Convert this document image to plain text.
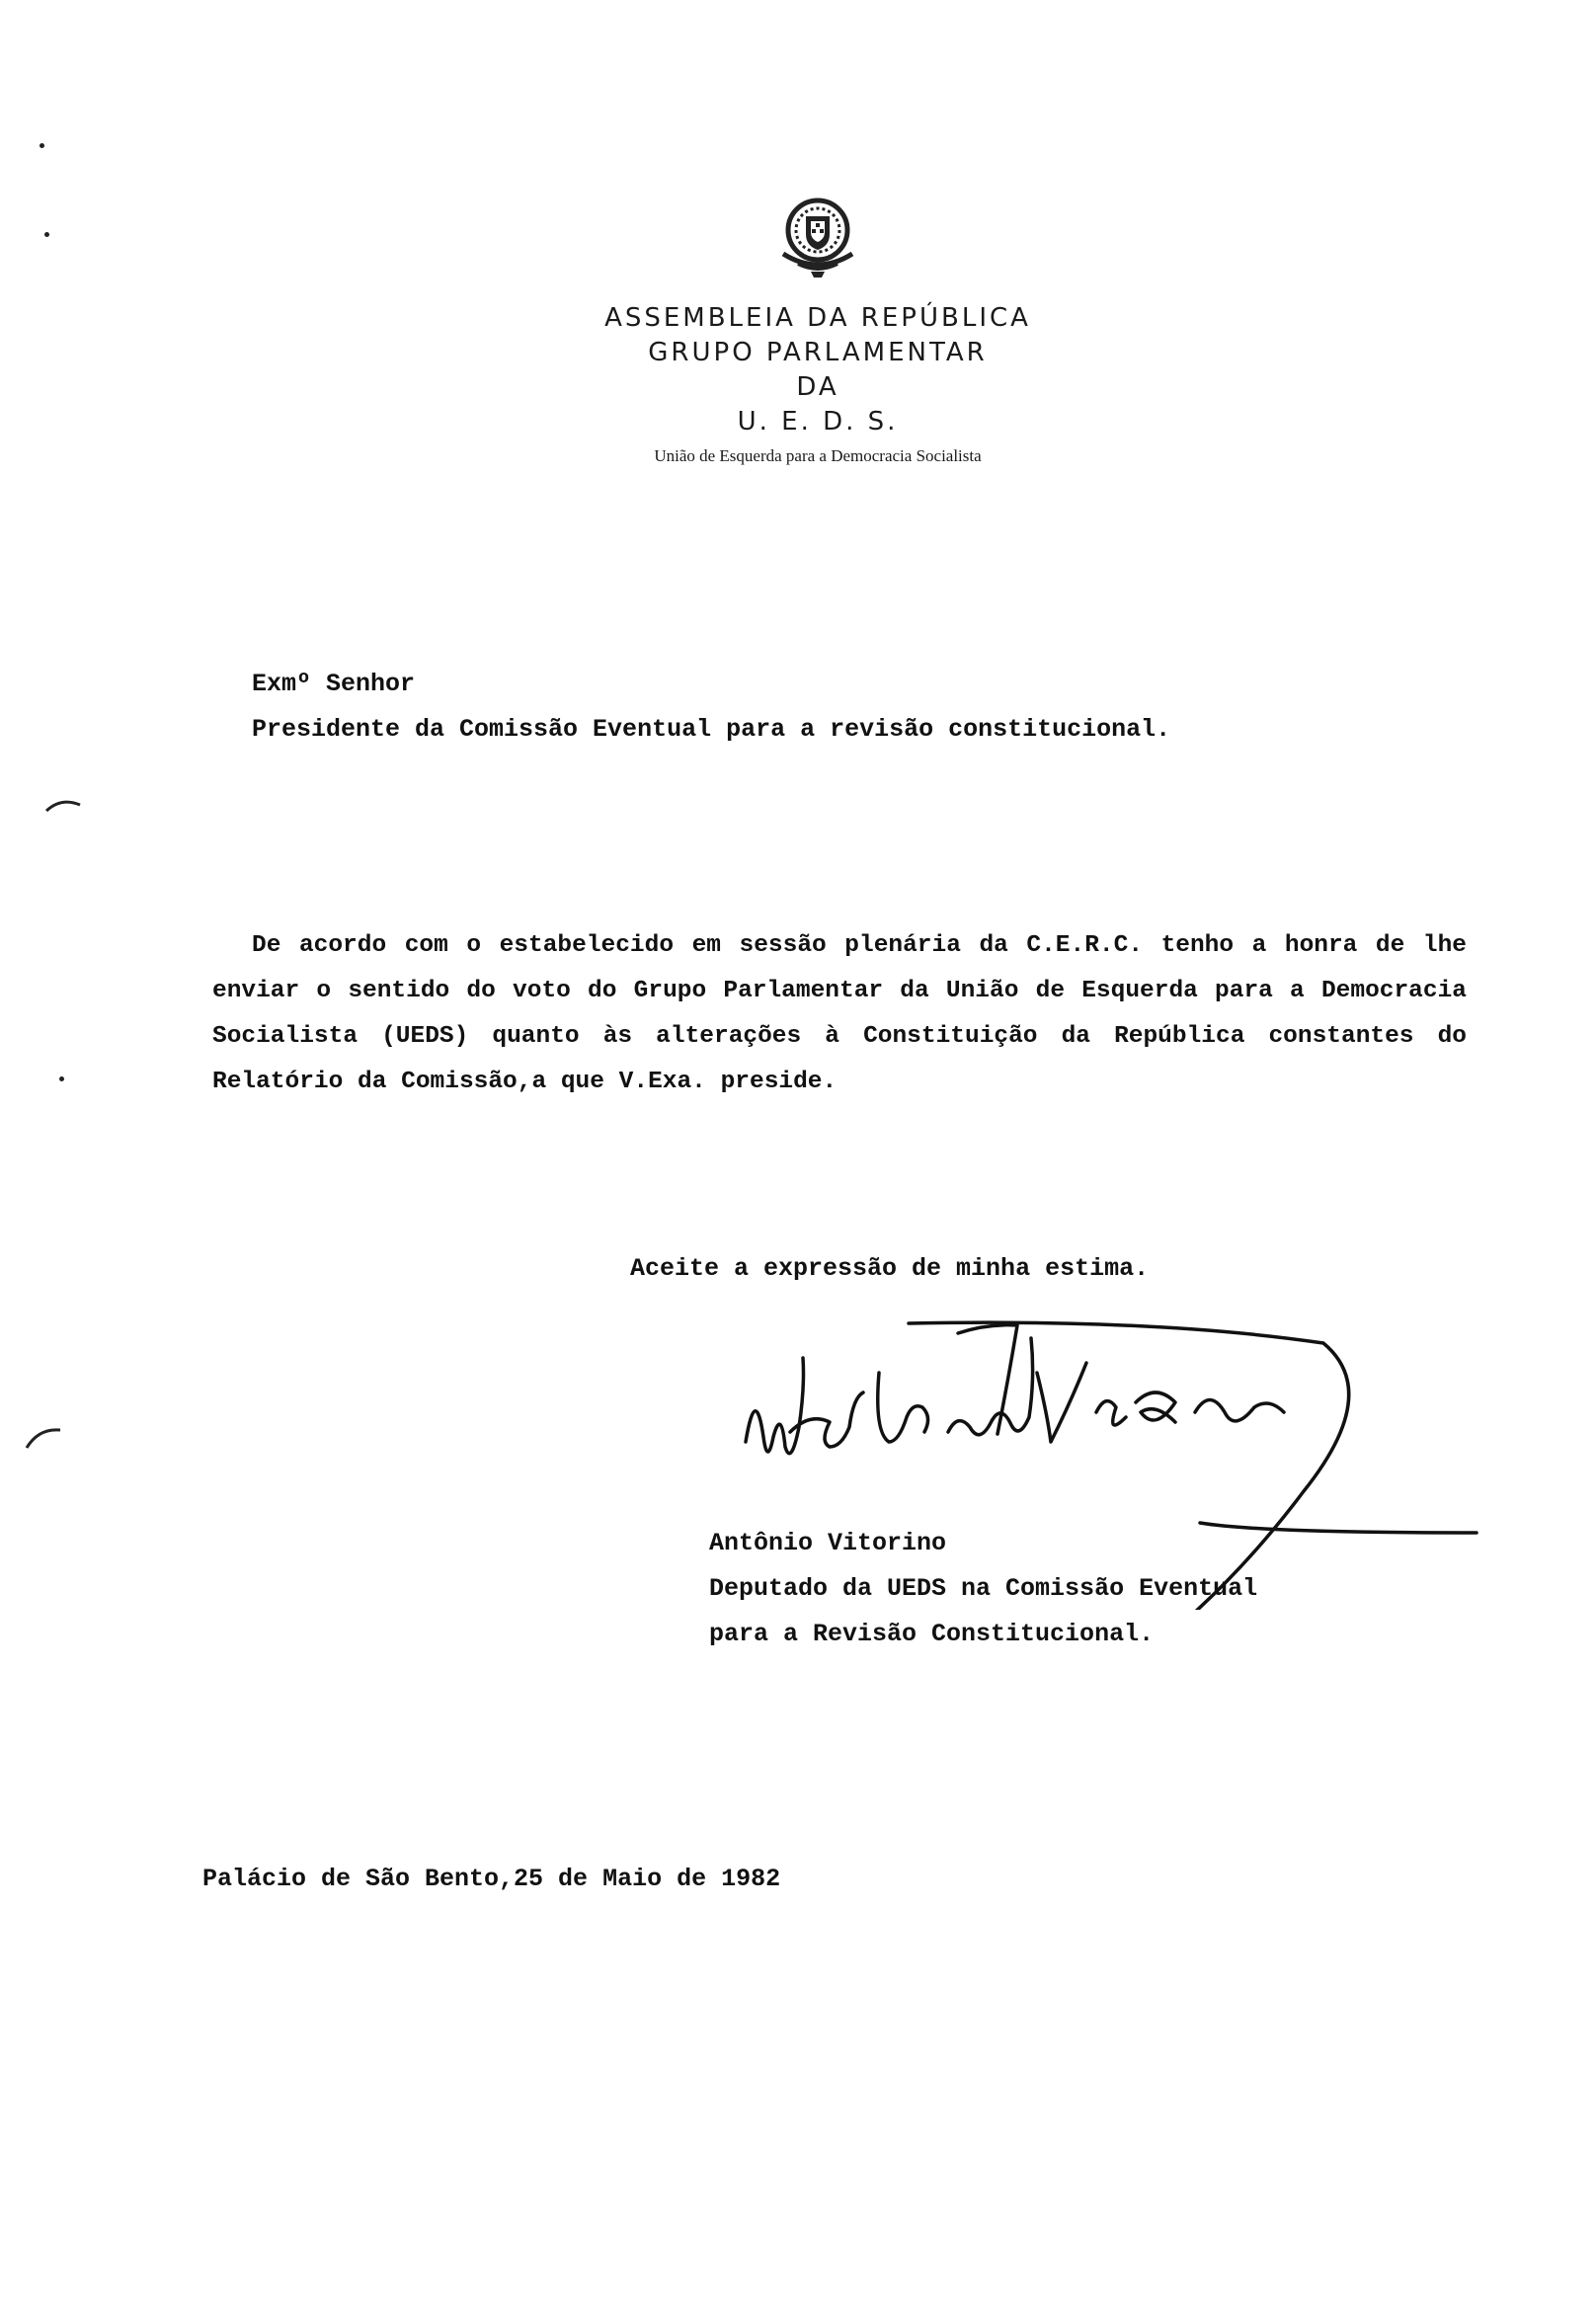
ASSEMBLEIA DA REPÚBLICA
GRUPO PARLAMENTAR
DA
U. E. D. S.
União de Esquerda para a Democracia Socialista
Exmº Senhor
Presidente da Comissão Eventual para a revisão constitucional.
De acordo com o estabelecido em sessão plenária da C.E.R.C. tenho a honra de lhe enviar o sentido do voto do Grupo Parlamentar da União de Esquerda para a Democracia Socialista (UEDS) quanto às alterações à Constituição da República constantes do Relatório da Comissão,a que V.Exa. preside.
Aceite a expressão de minha estima.
Antônio Vitorino
Deputado da UEDS na Comissão Eventual
para a Revisão Constitucional.
Palácio de São Bento,25 de Maio de 1982
